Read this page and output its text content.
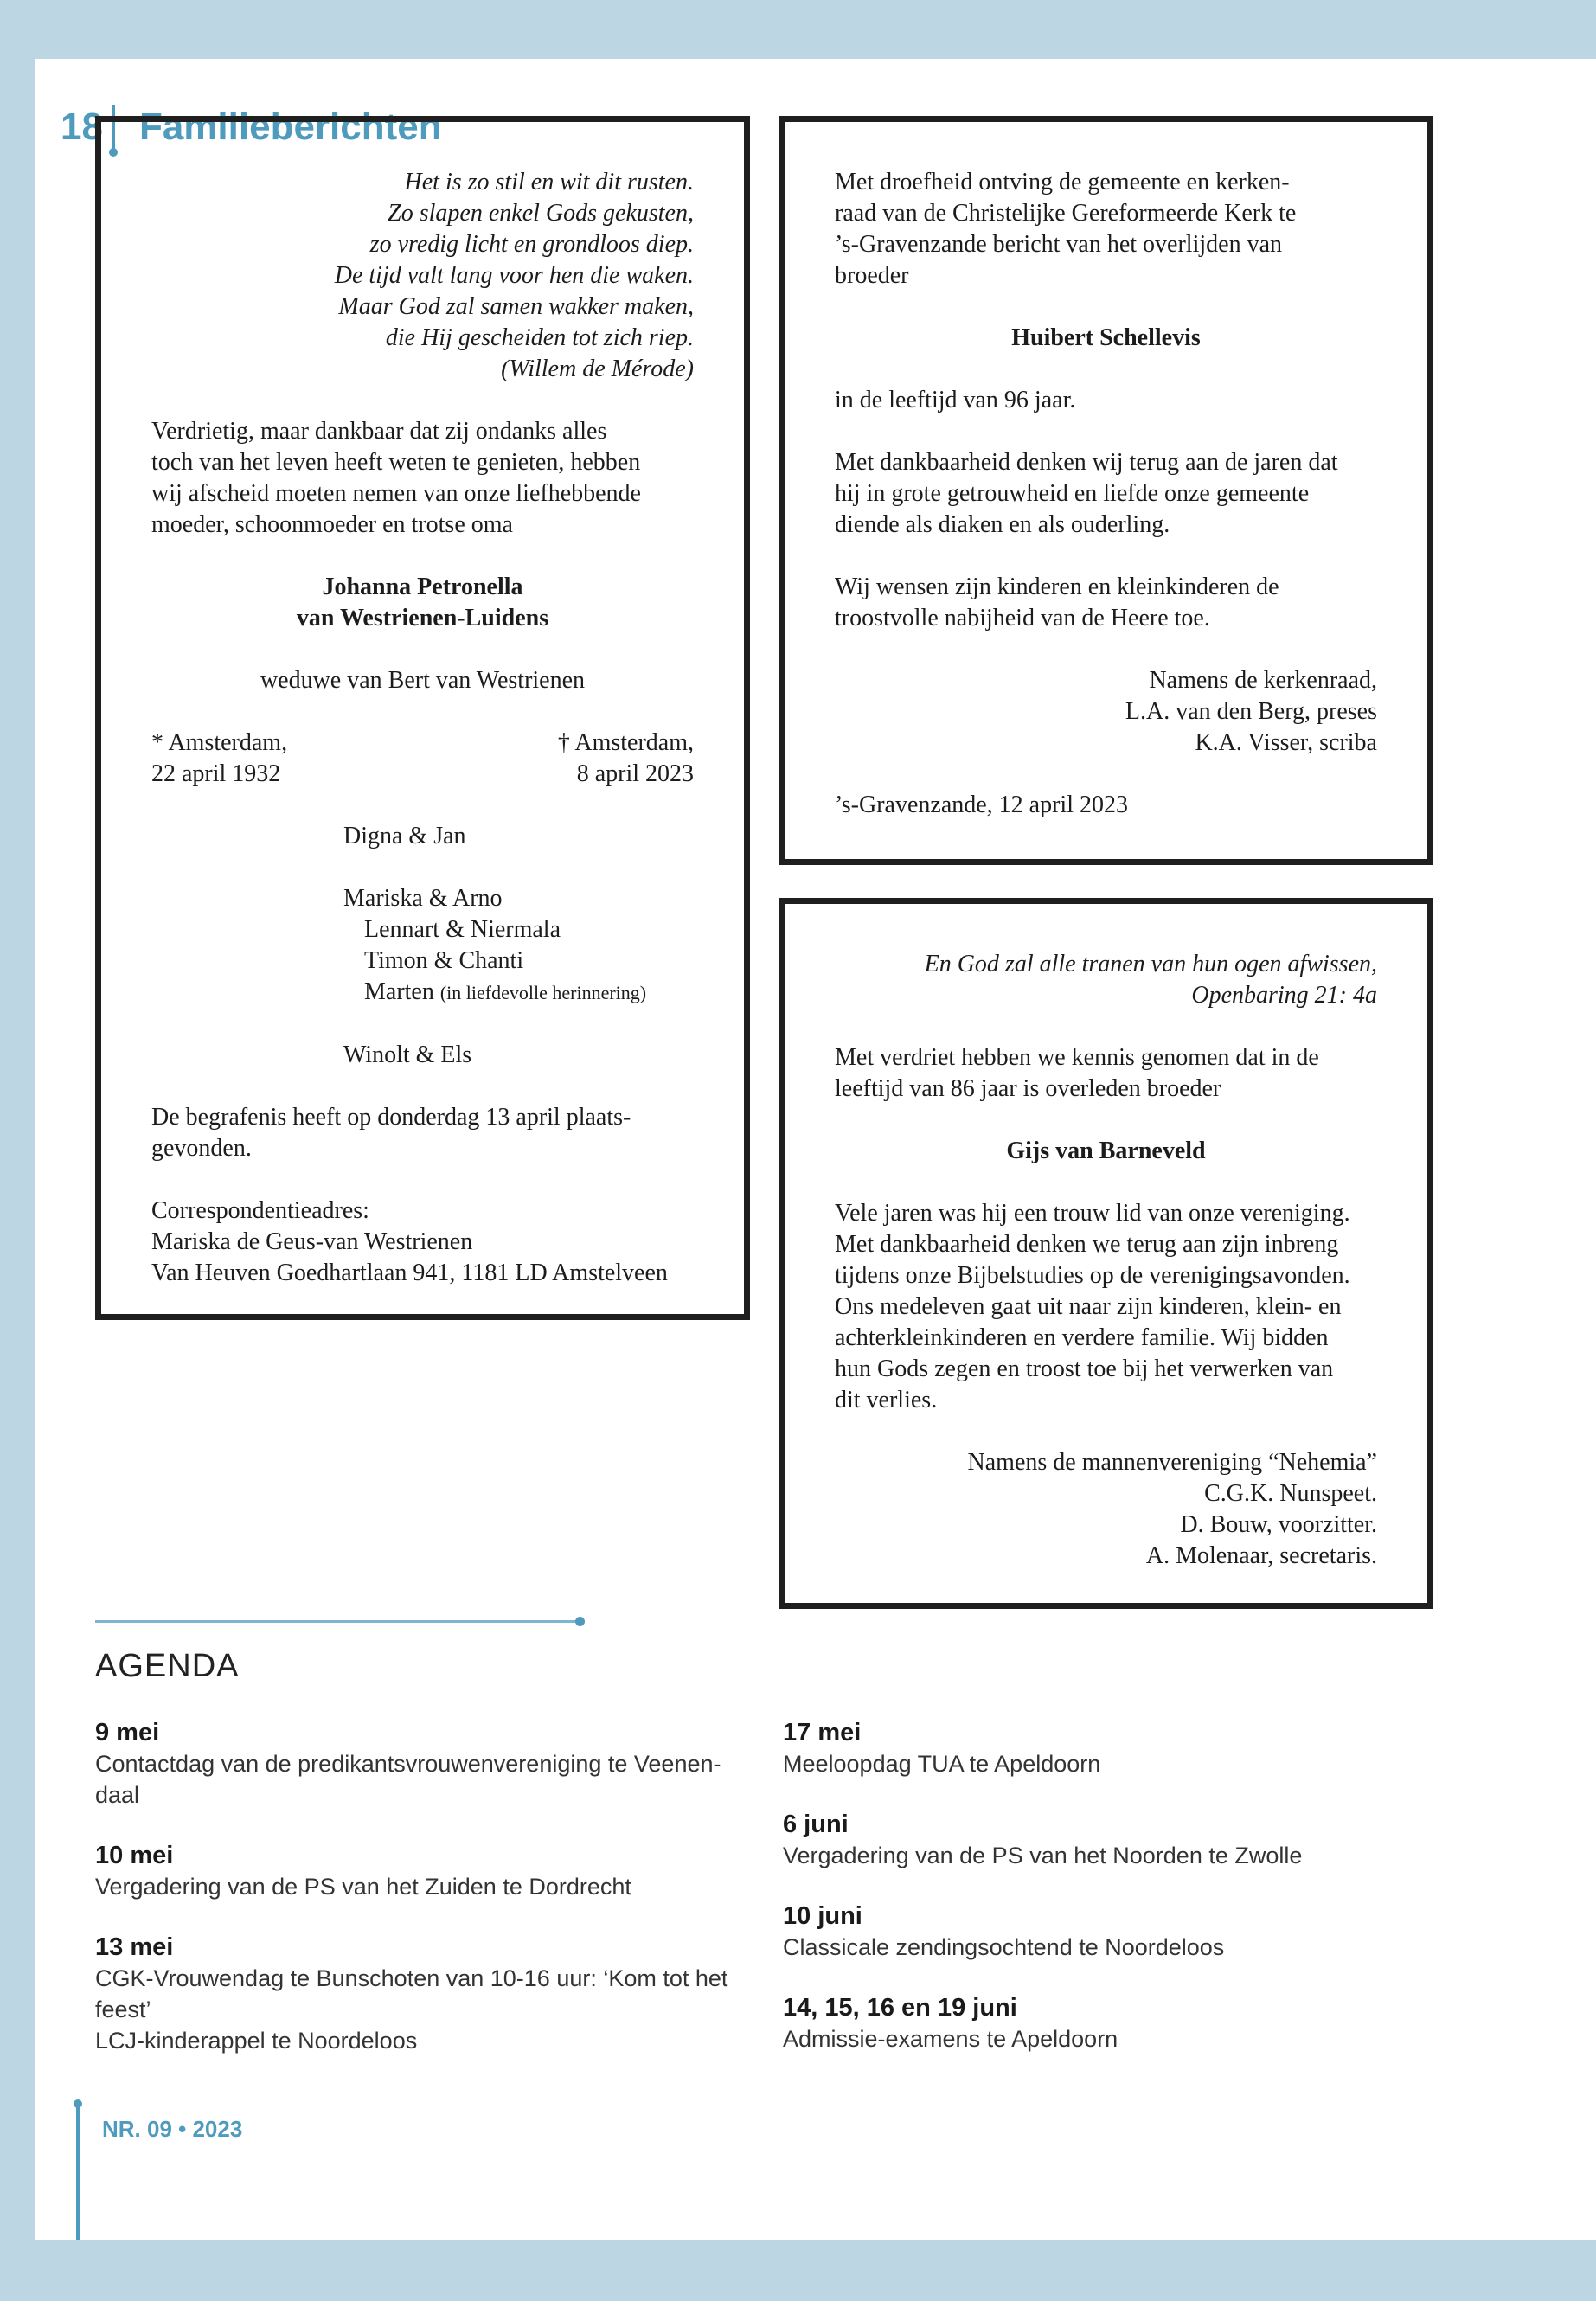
18 Familieberichten
Het is zo stil en wit dit rusten.
Zo slapen enkel Gods gekusten,
zo vredig licht en grondloos diep.
De tijd valt lang voor hen die waken.
Maar God zal samen wakker maken,
die Hij gescheiden tot zich riep.
(Willem de Mérode)
Verdrietig, maar dankbaar dat zij ondanks alles
toch van het leven heeft weten te genieten, hebben
wij afscheid moeten nemen van onze liefhebbende
moeder, schoonmoeder en trotse oma
Johanna Petronella
van Westrienen-Luidens
weduwe van Bert van Westrienen
* Amsterdam,
22 april 1932
† Amsterdam,
8 april 2023
Digna & Jan
Mariska & Arno
Lennart & Niermala
Timon & Chanti
Marten (in liefdevolle herinnering)
Winolt & Els
De begrafenis heeft op donderdag 13 april plaats-
gevonden.
Correspondentieadres:
Mariska de Geus-van Westrienen
Van Heuven Goedhartlaan 941, 1181 LD Amstelveen
Met droefheid ontving de gemeente en kerken-
raad van de Christelijke Gereformeerde Kerk te
’s-Gravenzande bericht van het overlijden van
broeder
Huibert Schellevis
in de leeftijd van 96 jaar.
Met dankbaarheid denken wij terug aan de jaren dat
hij in grote getrouwheid en liefde onze gemeente
diende als diaken en als ouderling.
Wij wensen zijn kinderen en kleinkinderen de
troostvolle nabijheid van de Heere toe.
Namens de kerkenraad,
L.A. van den Berg, preses
K.A. Visser, scriba
’s-Gravenzande, 12 april 2023
En God zal alle tranen van hun ogen afwissen,
Openbaring 21: 4a
Met verdriet hebben we kennis genomen dat in de
leeftijd van 86 jaar is overleden broeder
Gijs van Barneveld
Vele jaren was hij een trouw lid van onze vereniging.
Met dankbaarheid denken we terug aan zijn inbreng
tijdens onze Bijbelstudies op de verenigingsavonden.
Ons medeleven gaat uit naar zijn kinderen, klein- en
achterkleinkinderen en verdere familie. Wij bidden
hun Gods zegen en troost toe bij het verwerken van
dit verlies.
Namens de mannenvereniging “Nehemia”
C.G.K. Nunspeet.
D. Bouw, voorzitter.
A. Molenaar, secretaris.
AGENDA
9 mei
Contactdag van de predikantsvrouwenvereniging te Veenen-
daal
10 mei
Vergadering van de PS van het Zuiden te Dordrecht
13 mei
CGK-Vrouwendag te Bunschoten van 10-16 uur: ‘Kom tot het
feest’
LCJ-kinderappel te Noordeloos
17 mei
Meeloopdag TUA te Apeldoorn
6 juni
Vergadering van de PS van het Noorden te Zwolle
10 juni
Classicale zendingsochtend te Noordeloos
14, 15, 16 en 19 juni
Admissie-examens te Apeldoorn
NR. 09 • 2023
